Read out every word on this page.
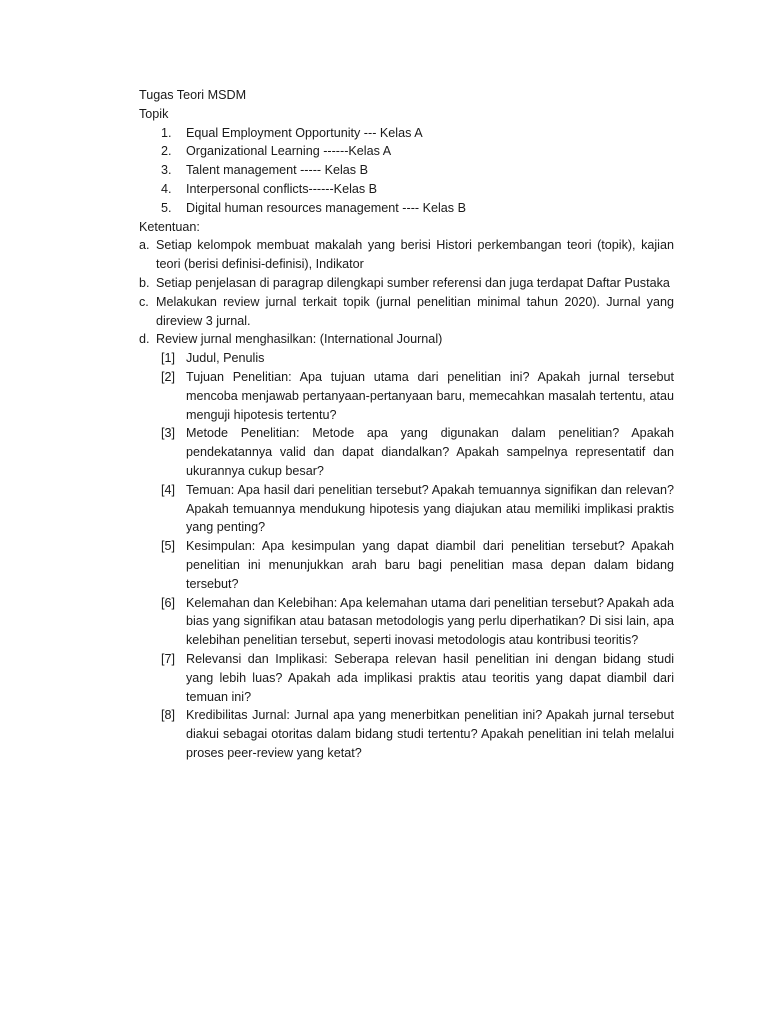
Tugas Teori MSDM

Topik

1. Equal Employment Opportunity --- Kelas A
2. Organizational Learning ------Kelas A
3. Talent management ----- Kelas B
4. Interpersonal conflicts------Kelas B
5. Digital human resources management ---- Kelas B

Ketentuan:

a. Setiap kelompok membuat makalah yang berisi Histori perkembangan teori (topik), kajian teori (berisi definisi-definisi), Indikator
b. Setiap penjelasan di paragrap dilengkapi sumber referensi dan juga terdapat Daftar Pustaka
c. Melakukan review jurnal terkait topik (jurnal penelitian minimal tahun 2020). Jurnal yang direview 3 jurnal.
d. Review jurnal menghasilkan: (International Journal)
[1] Judul, Penulis
[2] Tujuan Penelitian: Apa tujuan utama dari penelitian ini? Apakah jurnal tersebut mencoba menjawab pertanyaan-pertanyaan baru, memecahkan masalah tertentu, atau menguji hipotesis tertentu?
[3] Metode Penelitian: Metode apa yang digunakan dalam penelitian? Apakah pendekatannya valid dan dapat diandalkan? Apakah sampelnya representatif dan ukurannya cukup besar?
[4] Temuan: Apa hasil dari penelitian tersebut? Apakah temuannya signifikan dan relevan? Apakah temuannya mendukung hipotesis yang diajukan atau memiliki implikasi praktis yang penting?
[5] Kesimpulan: Apa kesimpulan yang dapat diambil dari penelitian tersebut? Apakah penelitian ini menunjukkan arah baru bagi penelitian masa depan dalam bidang tersebut?
[6] Kelemahan dan Kelebihan: Apa kelemahan utama dari penelitian tersebut? Apakah ada bias yang signifikan atau batasan metodologis yang perlu diperhatikan? Di sisi lain, apa kelebihan penelitian tersebut, seperti inovasi metodologis atau kontribusi teoritis?
[7] Relevansi dan Implikasi: Seberapa relevan hasil penelitian ini dengan bidang studi yang lebih luas? Apakah ada implikasi praktis atau teoritis yang dapat diambil dari temuan ini?
[8] Kredibilitas Jurnal: Jurnal apa yang menerbitkan penelitian ini? Apakah jurnal tersebut diakui sebagai otoritas dalam bidang studi tertentu? Apakah penelitian ini telah melalui proses peer-review yang ketat?
